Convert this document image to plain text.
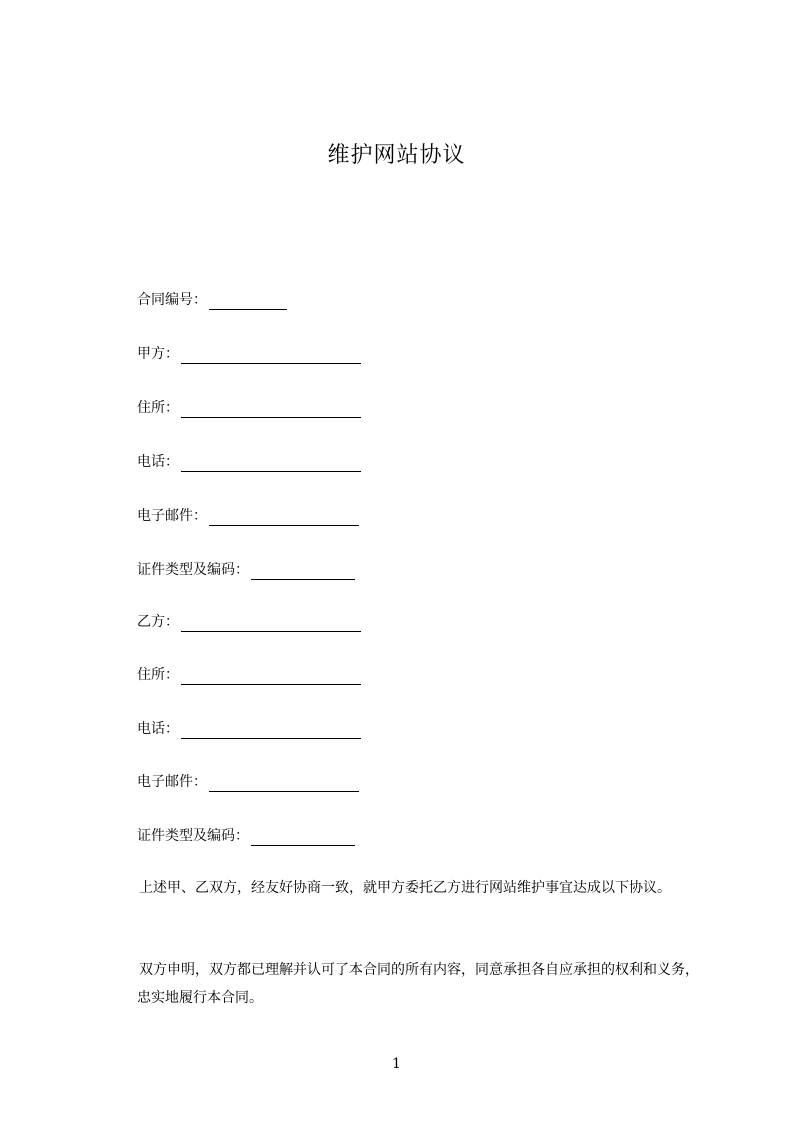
维护网站协议
合同编号：
甲方：
住所：
电话：
电子邮件：
证件类型及编码：
乙方：
住所：
电话：
电子邮件：
证件类型及编码：
上述甲、乙双方，经友好协商一致，就甲方委托乙方进行网站维护事宜达成以下协议。
双方申明，双方都已理解并认可了本合同的所有内容，同意承担各自应承担的权利和义务，忠实地履行本合同。
1
